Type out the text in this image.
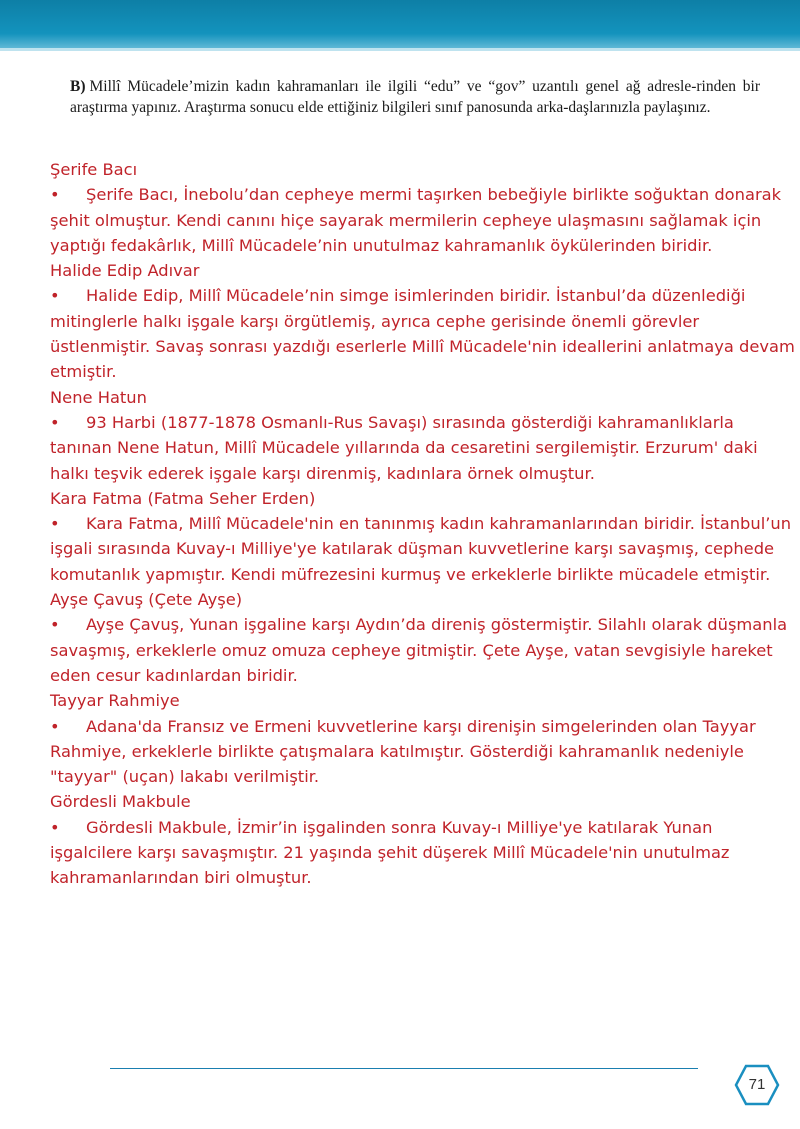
B) Millî Mücadele’mizin kadın kahramanları ile ilgili “edu” ve “gov” uzantılı genel ağ adresle-rinden bir araştırma yapınız. Araştırma sonucu elde ettiğiniz bilgileri sınıf panosunda arka-daşlarınızla paylaşınız.
Şerife Bacı
• Şerife Bacı, İnebolu’dan cepheye mermi taşırken bebeğiyle birlikte soğuktan donarak şehit olmuştur. Kendi canını hiçe sayarak mermilerin cepheye ulaşmasını sağlamak için yaptığı fedakârlık, Millî Mücadele’nin unutulmaz kahramanlık öykülerinden biridir.
Halide Edip Adıvar
• Halide Edip, Millî Mücadele’nin simge isimlerinden biridir. İstanbul’da düzenlediği mitinglerle halkı işgale karşı örgütlemiş, ayrıca cephe gerisinde önemli görevler üstlenmiştir. Savaş sonrası yazdığı eserlerle Millî Mücadele'nin ideallerini anlatmaya devam etmiştir.
Nene Hatun
• 93 Harbi (1877-1878 Osmanlı-Rus Savaşı) sırasında gösterdiği kahramanlıklarla tanınan Nene Hatun, Millî Mücadele yıllarında da cesaretini sergilemiştir. Erzurum' daki halkı teşvik ederek işgale karşı direnmiş, kadınlara örnek olmuştur.
Kara Fatma (Fatma Seher Erden)
• Kara Fatma, Millî Mücadele'nin en tanınmış kadın kahramanlarından biridir. İstanbul’un işgali sırasında Kuvay-ı Milliye'ye katılarak düşman kuvvetlerine karşı savaşmış, cephede komutanlık yapmıştır. Kendi müfrezesini kurmuş ve erkeklerle birlikte mücadele etmiştir.
Ayşe Çavuş (Çete Ayşe)
• Ayşe Çavuş, Yunan işgaline karşı Aydın’da direniş göstermiştir. Silahlı olarak düşmanla savaşmış, erkeklerle omuz omuza cepheye gitmiştir. Çete Ayşe, vatan sevgisiyle hareket eden cesur kadınlardan biridir.
Tayyar Rahmiye
• Adana'da Fransız ve Ermeni kuvvetlerine karşı direnişin simgelerinden olan Tayyar Rahmiye, erkeklerle birlikte çatışmalara katılmıştır. Gösterdiği kahramanlık nedeniyle "tayyar" (uçan) lakabı verilmiştir.
Gördesli Makbule
• Gördesli Makbule, İzmir’in işgalinden sonra Kuvay-ı Milliye'ye katılarak Yunan işgalcilere karşı savaşmıştır. 21 yaşında şehit düşerek Millî Mücadele'nin unutulmaz kahramanlarından biri olmuştur.
71
